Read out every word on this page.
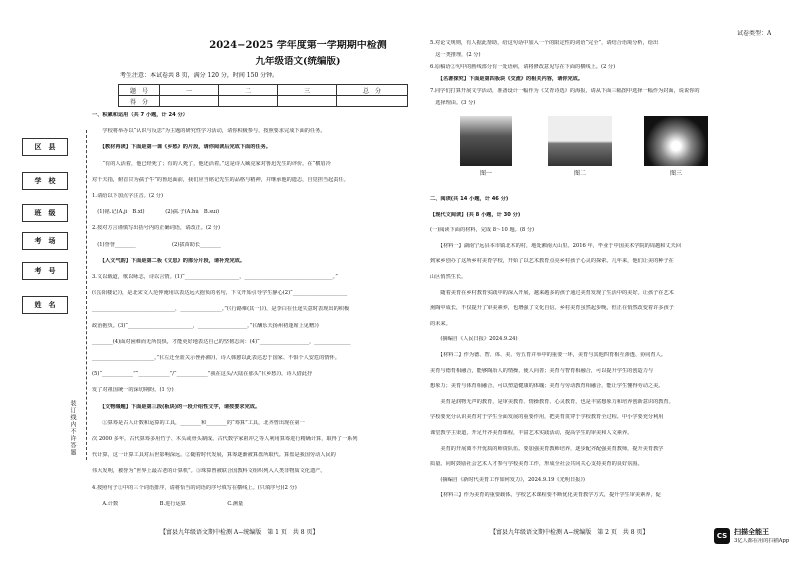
2024−2025 学年度第一学期期中检测
九年级语文(统编版)
考生注意：本试卷共 8 页，满分 120 分，时间 150 分钟。
题　号	一	二	三	总　分
得　分				
区　县
学　校
班　级
考　场
考　号
姓　名
装订线内不许答题
一、积累和运用（共 7 小题，计 24 分）
　　学校将举办以“认识与反思”为主题的研究性学习活动，请你积极参与，按照要求完成下面的任务。
　　【教材再读】下面是第一课《乡愁》的片段，请你阅读后完成下面的任务。
　　“有的人活着，他已经死了；有的人死了，他还活着。”这是诗人臧克家对鲁迅先生的评价。在“横眉冷
对千夫指，俯首甘为孺子牛”的鲁迅面前，我们应当铭记先生的品格与精神，并继承他的遗志，自觉担当起责任。
1.请给以下加点字注音。(2 分)
　(1)铭.记(A.jì　B.xī)　　　　(2)孺.子(A.hú　B.suì)
2.按对方言谨慎写出括号内的正确词语，请改正。(2 分)
　(1)誉誉________　　　　　　　(2)拔苗助长________
　　【人文气韵】下面是第二板《文思》的部分片段，请补充完成。
3.文以载道，歌以咏志，诗以言情。(1)“_____________________，__________________________________。”
(《岳阳楼记》)，是北宋文人范仲淹用以表达远大抱负的名句，下文开始引导学生静心(2)“_____________________
________________________________，________________。”(《行路难(其一)》)，是李白在仕途失意时表现出的积极
政治抱负。(3)“_________________________，___________________。”(《酬乐天扬州初逢席上见赠》)
________(4)面对困难而无所畏惧，才能更好地表达自己的坚韧志向：(4)“___________________，______________
________________________。”(《左迁至蓝关示侄孙湘》)，诗人韩愈以此表达忠于国家、不惧个人安危的情怀。
(5)“____________”“____________”/“____________”我在这头/大陆在那头”(《乡愁》)，诗人借此抒
发了对祖国统一的深切期盼。(1 分)
　　【文物缀题】下面是第三段(板块)的一段介绍性文字，请按要求完成。
　　①算筹是古人计数和运算的工具，________和________的“筹算”工具，北齐曾出现在第一
次 2000 多年。古代算筹多用竹子、木头或骨头制成。古代数学家祖冲之等人利用算筹进行精确计算，取得了一系列
代计算，这一计算工具对后世影响深远。②随着时代发展，算筹逐渐被算盘所取代。算盘是我国劳动人民的
伟大发明，被誉为“世界上最古老的计算机”。③珠算曾被联合国教科文组织列入人类非物质文化遗产。
4.按照句子②中的三个词语排序，请将恰当的词语的序号填写在横线上。(只填序号)(2 分)
　　A.计数　　　　　　　　B.进行运算　　　　　　　　C.测量
【富县九年级语文期中检测 A−统编版　第 1 页　共 8 页】
试卷类型：A
5.对论文规则，有人据此帮助，给这句话中加入一个的限定性的词语“完全”，请结合语境分析，给出
　这一类推理，(2 分)
6.原稿语②句中的画线部分有一处语病，请将修改意见写在下面的横线上。(2 分)
　　【名著探究】下面是第四板块《交流》的相关内容，请你完成。
7.同学们打算开展文学活动，准备设计一幅作为《艾青诗选》的海报，请从下面三幅图中选择一幅作为封面，说说你的
　选择理由。(3 分)
图一	图二	图三
二、阅读(共 14 小题，计 46 分)
【现代文阅读】(共 8 小题，计 30 分)
(一)阅读下面的材料，完成 8～10 题。(8 分)
　　【材料一】湖南宁远县本市镇北木的村，地处湘南大山里。2016 年，毕业于中国美术学院的周越和丈夫回
到家乡创办了这所乡村美育学校，开始了以艺术教育点亮乡村孩子心灵的探索。几年来，他们让美的种子在
山区悄然生长。
　　随着美育在乡村教育实践中的深入开展，越来越多的孩子通过美育发现了生活中的美好。让孩子在艺术
熏陶中成长，不仅提升了审美素养，也增强了文化自信。乡村美育虽然起步晚，但正在悄然改变着许多孩子
的未来。
　　(摘编自《人民日报》2024.9.24)
　　【材料二】作为德、智、体、美、劳五育并举中的重要一环，美育与其他四育相互渗透、协同育人。
美育与德育相融合，能够陶冶人的情操，使人向善；美育与智育相融合，可以提升学生的创造力与
想象力；美育与体育相融合，可以塑造健康的体魄；美育与劳动教育相融合，能让学生懂得劳动之美。
　　美育是润物无声的教育，是审美教育、情操教育、心灵教育，也是丰富想象力和培养创新意识的教育。
学校要充分认识美育对于学生全面发展的重要作用，把美育贯穿于学校教育全过程。中小学要充分利用
课堂教学主渠道，开足开齐美育课程，丰富艺术实践活动，提高学生的审美和人文素养。
　　美育的开展离不开优质的师资队伍。要加强美育教师培养，逐步配齐配强美育教师，提升美育教学
质量。同时鼓励社会艺术人才参与学校美育工作，形成全社会共同关心支持美育的良好氛围。
　　(摘编自《新时代美育工作如何发力》，2024.9.19《光明日报》)
　　【材料三】作为美育的重要载体，学校艺术课程要不断优化美育教学方式，提升学生审美素养，促
【富县九年级语文期中检测 A−统编版　第 2 页　共 8 页】	CS 扫描全能王
3亿人都在用的扫描App
